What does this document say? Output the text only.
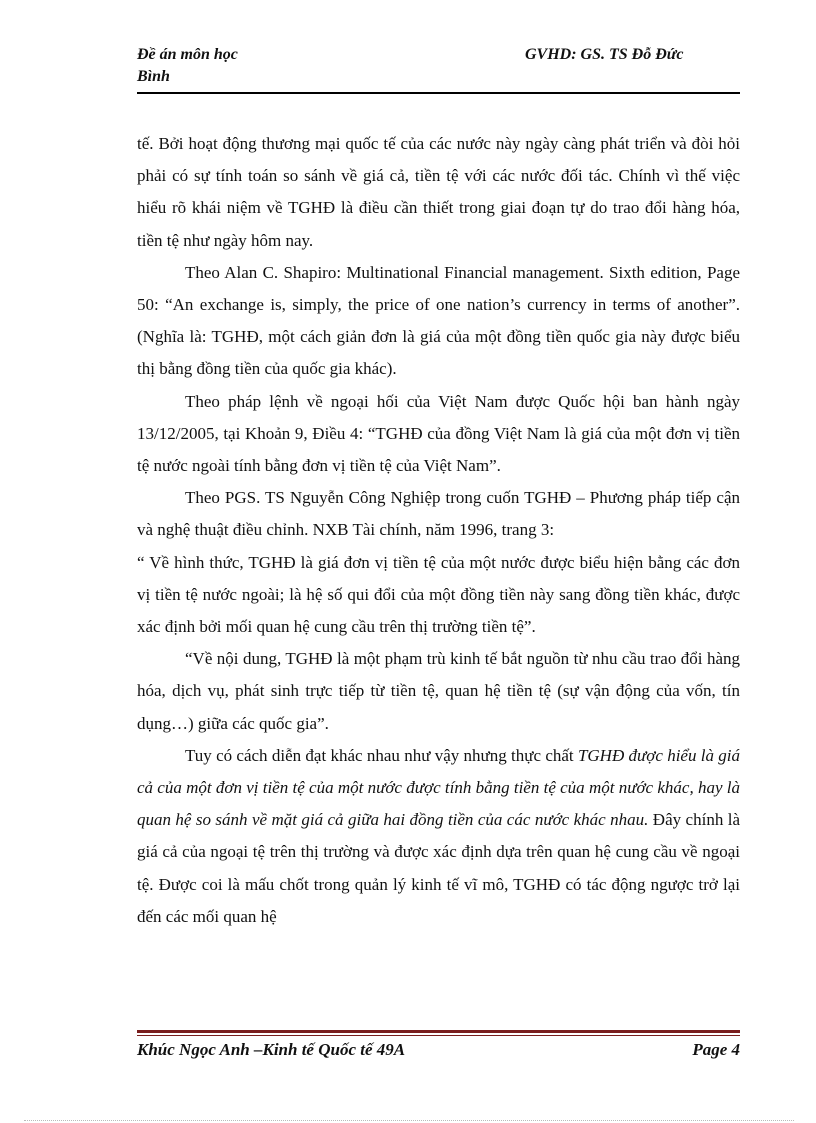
Đề án môn học
Bình
GVHD: GS. TS Đỗ Đức

tế. Bởi hoạt động thương mại quốc tế của các nước này ngày càng phát triển và đòi hỏi phải có sự tính toán so sánh về giá cả, tiền tệ với các nước đối tác. Chính vì thế việc hiểu rõ khái niệm về TGHĐ là điều cần thiết trong giai đoạn tự do trao đổi hàng hóa, tiền tệ như ngày hôm nay.

Theo Alan C. Shapiro: Multinational Financial management. Sixth edition, Page 50: “An exchange is, simply, the price of one nation’s currency in terms of another”. (Nghĩa là: TGHĐ, một cách giản đơn là giá của một đồng tiền quốc gia này được biểu thị bằng đồng tiền của quốc gia khác).

Theo pháp lệnh về ngoại hối của Việt Nam được Quốc hội ban hành ngày 13/12/2005, tại Khoản 9, Điều 4: “TGHĐ của đồng Việt Nam là giá của một đơn vị tiền tệ nước ngoài tính bằng đơn vị tiền tệ của Việt Nam”.

Theo PGS. TS Nguyễn Công Nghiệp trong cuốn TGHĐ – Phương pháp tiếp cận và nghệ thuật điều chỉnh. NXB Tài chính, năm 1996, trang 3:

“ Về hình thức, TGHĐ là giá đơn vị tiền tệ của một nước được biểu hiện bằng các đơn vị tiền tệ nước ngoài; là hệ số qui đổi của một đồng tiền này sang đồng tiền khác, được xác định bởi mối quan hệ cung cầu trên thị trường tiền tệ”.

“Về nội dung, TGHĐ là một phạm trù kinh tế bắt nguồn từ nhu cầu trao đổi hàng hóa, dịch vụ, phát sinh trực tiếp từ tiền tệ, quan hệ tiền tệ (sự vận động của vốn, tín dụng…) giữa các quốc gia”.

Tuy có cách diễn đạt khác nhau như vậy nhưng thực chất TGHĐ được hiểu là giá cả của một đơn vị tiền tệ của một nước được tính bằng tiền tệ của một nước khác, hay là quan hệ so sánh về mặt giá cả giữa hai đồng tiền của các nước khác nhau. Đây chính là giá cả của ngoại tệ trên thị trường và được xác định dựa trên quan hệ cung cầu về ngoại tệ. Được coi là mấu chốt trong quản lý kinh tế vĩ mô, TGHĐ có tác động ngược trở lại đến các mối quan hệ

Khúc Ngọc Anh –Kinh tế Quốc tế 49A	Page 4
